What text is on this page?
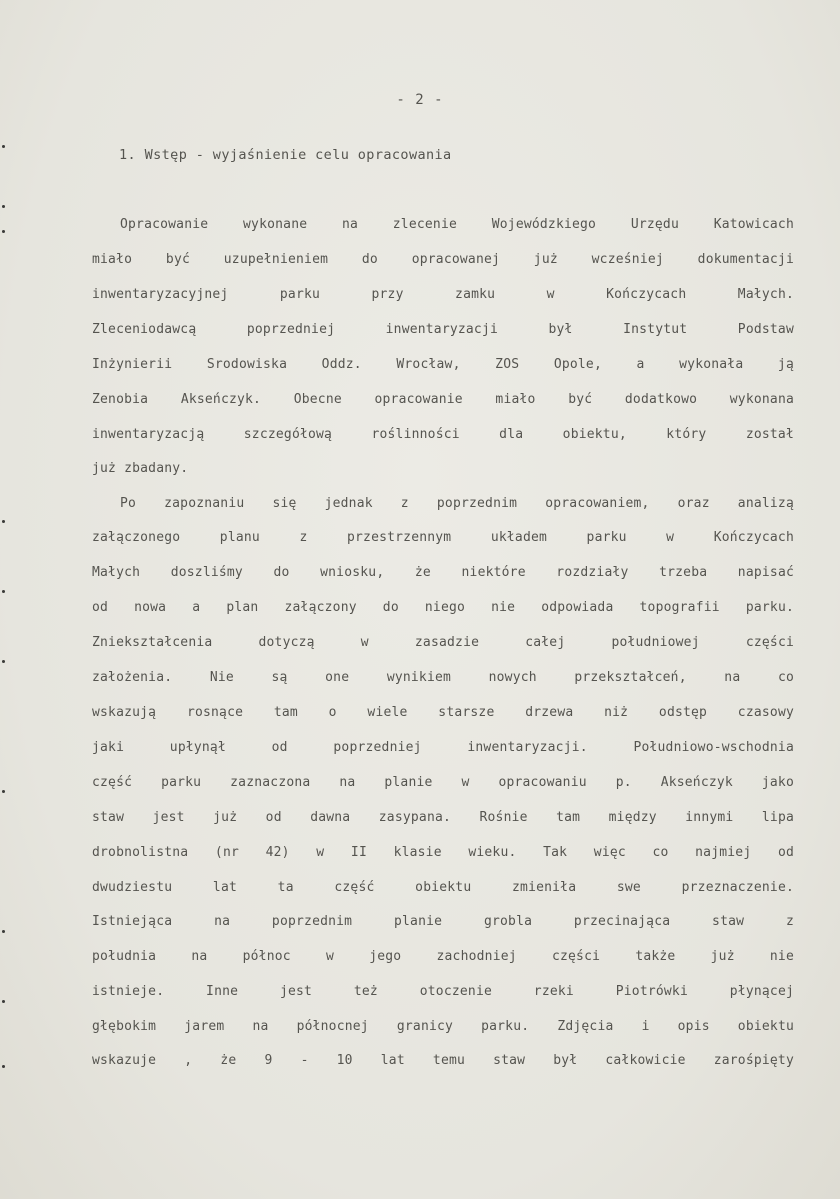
- 2 -
1. Wstęp - wyjaśnienie celu opracowania
Opracowanie wykonane na zlecenie Wojewódzkiego Urzędu Katowicach
miało być uzupełnieniem do opracowanej już wcześniej dokumentacji
inwentaryzacyjnej parku przy zamku w Kończycach Małych.
Zleceniodawcą poprzedniej inwentaryzacji był Instytut Podstaw
Inżynierii Środowiska Oddz. Wrocław, ZOS Opole, a wykonała ją
Zenobia Akseńczyk. Obecne opracowanie miało być dodatkowo wykonana
inwentaryzacją szczegółową roślinności dla obiektu, który został
już zbadany.
Po zapoznaniu się jednak z poprzednim opracowaniem, oraz analizą
załączonego planu z przestrzennym układem parku w Kończycach
Małych doszliśmy do wniosku, że niektóre rozdziały trzeba napisać
od nowa a plan załączony do niego nie odpowiada topografii parku.
Zniekształcenia dotyczą w zasadzie całej południowej części
założenia. Nie są one wynikiem nowych przekształceń, na co
wskazują rosnące tam o wiele starsze drzewa niż odstęp czasowy
jaki upłynął od poprzedniej inwentaryzacji. Południowo-wschodnia
część parku zaznaczona na planie w opracowaniu p. Akseńczyk jako
staw jest już od dawna zasypana. Rośnie tam między innymi lipa
drobnolistna (nr 42) w II klasie wieku. Tak więc co najmiej od
dwudziestu lat ta część obiektu zmieniła swe przeznaczenie.
Istniejąca na poprzednim planie grobla przecinająca staw z
południa na północ w jego zachodniej części także już nie
istnieje. Inne jest też otoczenie rzeki Piotrówki płynącej
głębokim jarem na północnej granicy parku. Zdjęcia i opis obiektu
wskazuje , że 9 - 10 lat temu staw był całkowicie zarośpięty
